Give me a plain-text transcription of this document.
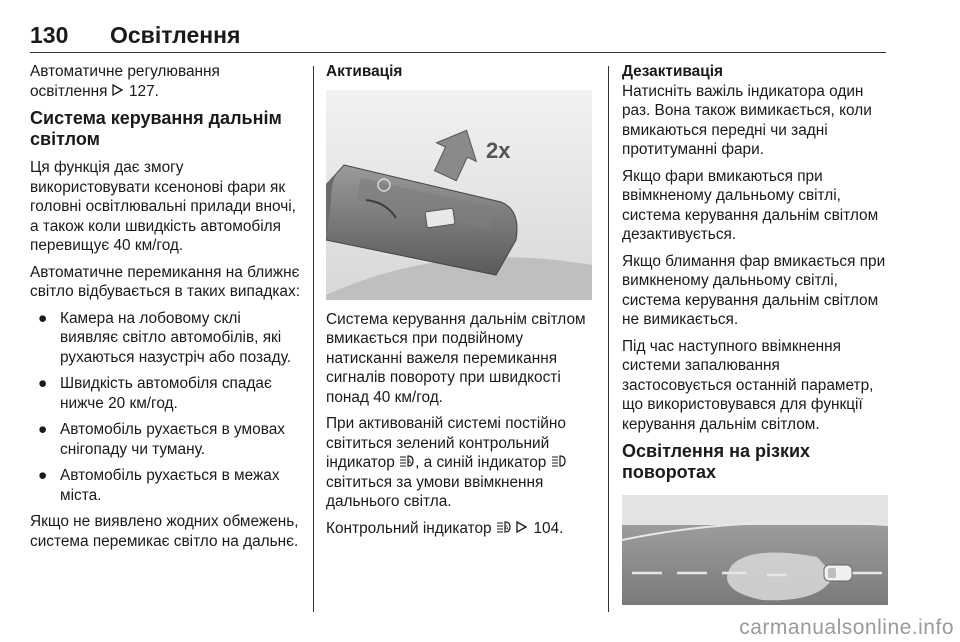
130 Освітлення

Автоматичне регулювання освітлення 127.

Система керування дальнім світлом

Ця функція дає змогу використовувати ксенонові фари як головні освітлювальні прилади вночі, а також коли швидкість автомобіля перевищує 40 км/год.

Автоматичне перемикання на ближнє світло відбувається в таких випадках:

● Камера на лобовому склі виявляє світло автомобілів, які рухаються назустріч або позаду.
● Швидкість автомобіля спадає нижче 20 км/год.
● Автомобіль рухається в умовах снігопаду чи туману.
● Автомобіль рухається в межах міста.

Якщо не виявлено жодних обмежень, система перемикає світло на дальнє.

Активація
2x

Система керування дальнім світлом вмикається при подвійному натисканні важеля перемикання сигналів повороту при швидкості понад 40 км/год.

При активованій системі постійно світиться зелений контрольний індикатор A , а синій індикатор  світиться за умови ввімкнення дальнього світла.

Контрольний індикатор A 104.

Дезактивація

Натисніть важіль індикатора один раз. Вона також вимикається, коли вмикаються передні чи задні протитуманні фари.

Якщо фари вмикаються при ввімкненому дальньому світлі, система керування дальнім світлом дезактивується.

Якщо блимання фар вмикається при вимкненому дальньому світлі, система керування дальнім світлом не вимикається.

Під час наступного ввімкнення системи запалювання застосовується останній параметр, що використовувався для функції керування дальнім світлом.

Освітлення на різких поворотах
carmanualsonline.info
